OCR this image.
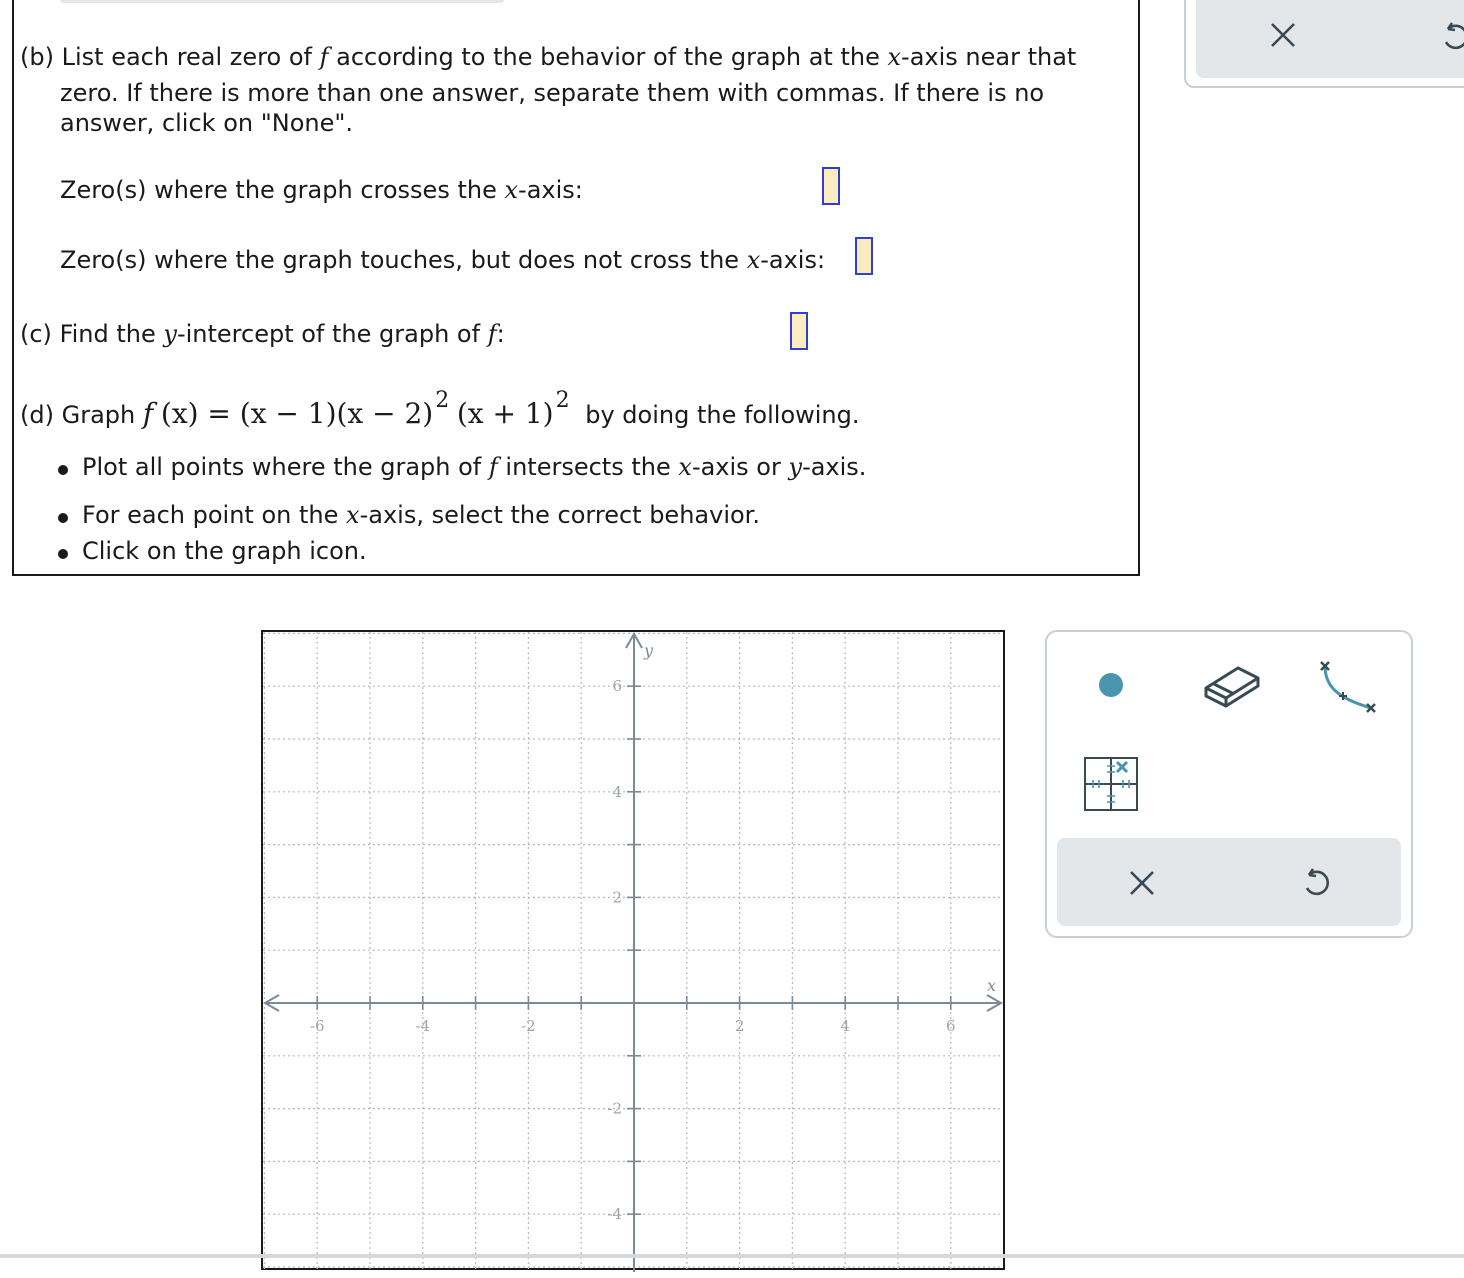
(b) List each real zero of f according to the behavior of the graph at the x-axis near that
zero. If there is more than one answer, separate them with commas. If there is no
answer, click on "None".
Zero(s) where the graph crosses the x-axis:
Zero(s) where the graph touches, but does not cross the x-axis:
(c) Find the y-intercept of the graph of f:
(d) Graph f (x) = (x − 1)(x − 2)2 (x + 1)2 by doing the following.
Plot all points where the graph of f intersects the x-axis or y-axis.
For each point on the x-axis, select the correct behavior.
Click on the graph icon.
-6	-4	-2	2	4	6
6
4
2
-2
-4
x
y
